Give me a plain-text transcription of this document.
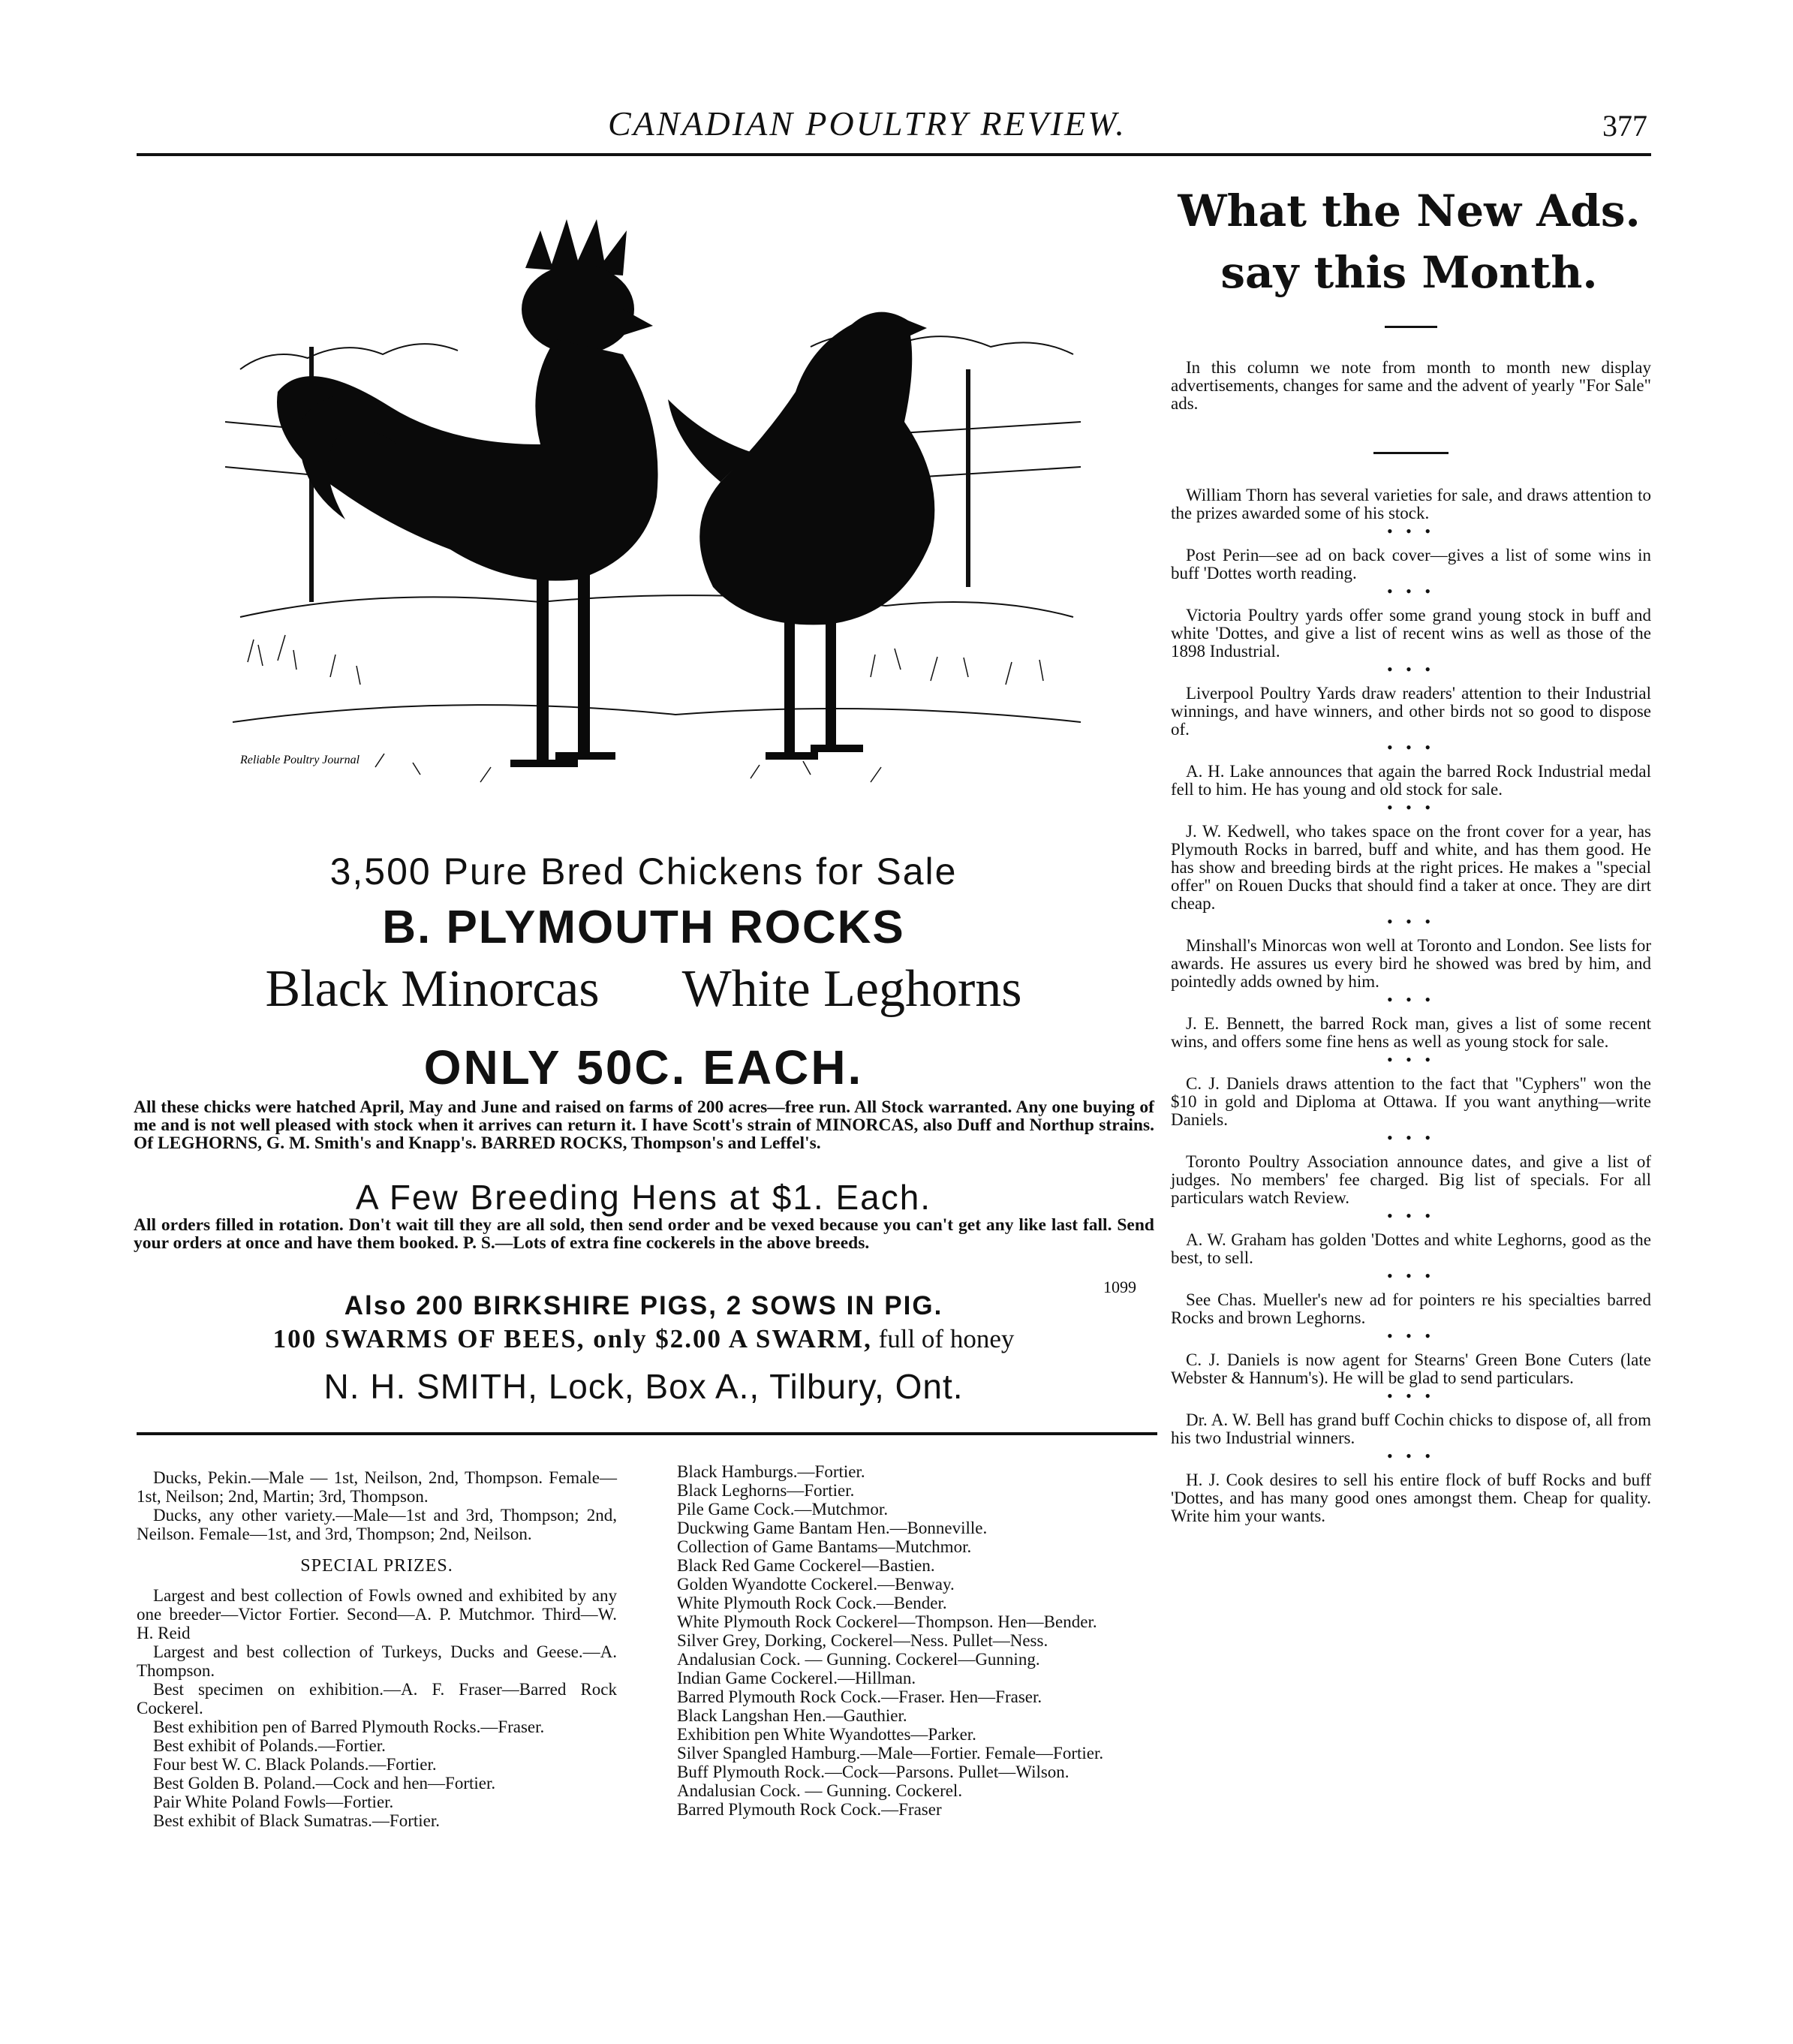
CANADIAN POULTRY REVIEW.	377
Reliable Poultry Journal
3,500 Pure Bred Chickens for Sale
B. PLYMOUTH ROCKS
Black Minorcas White Leghorns
ONLY 50C. EACH.
All these chicks were hatched April, May and June and raised on farms of 200 acres—free run. All Stock warranted. Any one buying of me and is not well pleased with stock when it arrives can return it. I have Scott's strain of MINORCAS, also Duff and Northup strains. Of LEGHORNS, G. M. Smith's and Knapp's. BARRED ROCKS, Thompson's and Leffel's.
A Few Breeding Hens at $1. Each.
All orders filled in rotation. Don't wait till they are all sold, then send order and be vexed because you can't get any like last fall. Send your orders at once and have them booked. P. S.—Lots of extra fine cockerels in the above breeds.
1099
Also 200 BIRKSHIRE PIGS, 2 SOWS IN PIG.
100 SWARMS OF BEES, only $2.00 A SWARM, full of honey
N. H. SMITH, Lock, Box A., Tilbury, Ont.

Ducks, Pekin.—Male — 1st, Neilson, 2nd, Thompson. Female—1st, Neilson; 2nd, Martin; 3rd, Thompson.

Ducks, any other variety.—Male—1st and 3rd, Thompson; 2nd, Neilson. Female—1st, and 3rd, Thompson; 2nd, Neilson.

SPECIAL PRIZES.

Largest and best collection of Fowls owned and exhibited by any one breeder—Victor Fortier. Second—A. P. Mutchmor. Third—W. H. Reid

Largest and best collection of Turkeys, Ducks and Geese.—A. Thompson.

Best specimen on exhibition.—A. F. Fraser—Barred Rock Cockerel.

Best exhibition pen of Barred Plymouth Rocks.—Fraser.

Best exhibit of Polands.—Fortier.

Four best W. C. Black Polands.—Fortier.

Best Golden B. Poland.—Cock and hen—Fortier.

Pair White Poland Fowls—Fortier.

Best exhibit of Black Sumatras.—Fortier.

Black Hamburgs.—Fortier.

Black Leghorns—Fortier.

Pile Game Cock.—Mutchmor.

Duckwing Game Bantam Hen.—Bonneville.

Collection of Game Bantams—Mutchmor.

Black Red Game Cockerel—Bastien.

Golden Wyandotte Cockerel.—Benway.

White Plymouth Rock Cock.—Bender.

White Plymouth Rock Cockerel—Thompson. Hen—Bender.

Silver Grey, Dorking, Cockerel—Ness. Pullet—Ness.

Andalusian Cock. — Gunning. Cockerel—Gunning.

Indian Game Cockerel.—Hillman.

Barred Plymouth Rock Cock.—Fraser. Hen—Fraser.

Black Langshan Hen.—Gauthier.

Exhibition pen White Wyandottes—Parker.

Silver Spangled Hamburg.—Male—Fortier. Female—Fortier.

Buff Plymouth Rock.—Cock—Parsons. Pullet—Wilson.

Andalusian Cock. — Gunning. Cockerel.

Barred Plymouth Rock Cock.—Fraser

What the New Ads. say this Month.

In this column we note from month to month new display advertisements, changes for same and the advent of yearly "For Sale" ads.

William Thorn has several varieties for sale, and draws attention to the prizes awarded some of his stock.

• • •

Post Perin—see ad on back cover—gives a list of some wins in buff 'Dottes worth reading.

• • •

Victoria Poultry yards offer some grand young stock in buff and white 'Dottes, and give a list of recent wins as well as those of the 1898 Industrial.

• • •

Liverpool Poultry Yards draw readers' attention to their Industrial winnings, and have winners, and other birds not so good to dispose of.

• • •

A. H. Lake announces that again the barred Rock Industrial medal fell to him. He has young and old stock for sale.

• • •

J. W. Kedwell, who takes space on the front cover for a year, has Plymouth Rocks in barred, buff and white, and has them good. He has show and breeding birds at the right prices. He makes a "special offer" on Rouen Ducks that should find a taker at once. They are dirt cheap.

• • •

Minshall's Minorcas won well at Toronto and London. See lists for awards. He assures us every bird he showed was bred by him, and pointedly adds owned by him.

• • •

J. E. Bennett, the barred Rock man, gives a list of some recent wins, and offers some fine hens as well as young stock for sale.

• • •

C. J. Daniels draws attention to the fact that "Cyphers" won the $10 in gold and Diploma at Ottawa. If you want anything—write Daniels.

• • •

Toronto Poultry Association announce dates, and give a list of judges. No members' fee charged. Big list of specials. For all particulars watch Review.

• • •

A. W. Graham has golden 'Dottes and white Leghorns, good as the best, to sell.

• • •

See Chas. Mueller's new ad for pointers re his specialties barred Rocks and brown Leghorns.

• • •

C. J. Daniels is now agent for Stearns' Green Bone Cuters (late Webster & Hannum's). He will be glad to send particulars.

• • •

Dr. A. W. Bell has grand buff Cochin chicks to dispose of, all from his two Industrial winners.

• • •

H. J. Cook desires to sell his entire flock of buff Rocks and buff 'Dottes, and has many good ones amongst them. Cheap for quality. Write him your wants.
